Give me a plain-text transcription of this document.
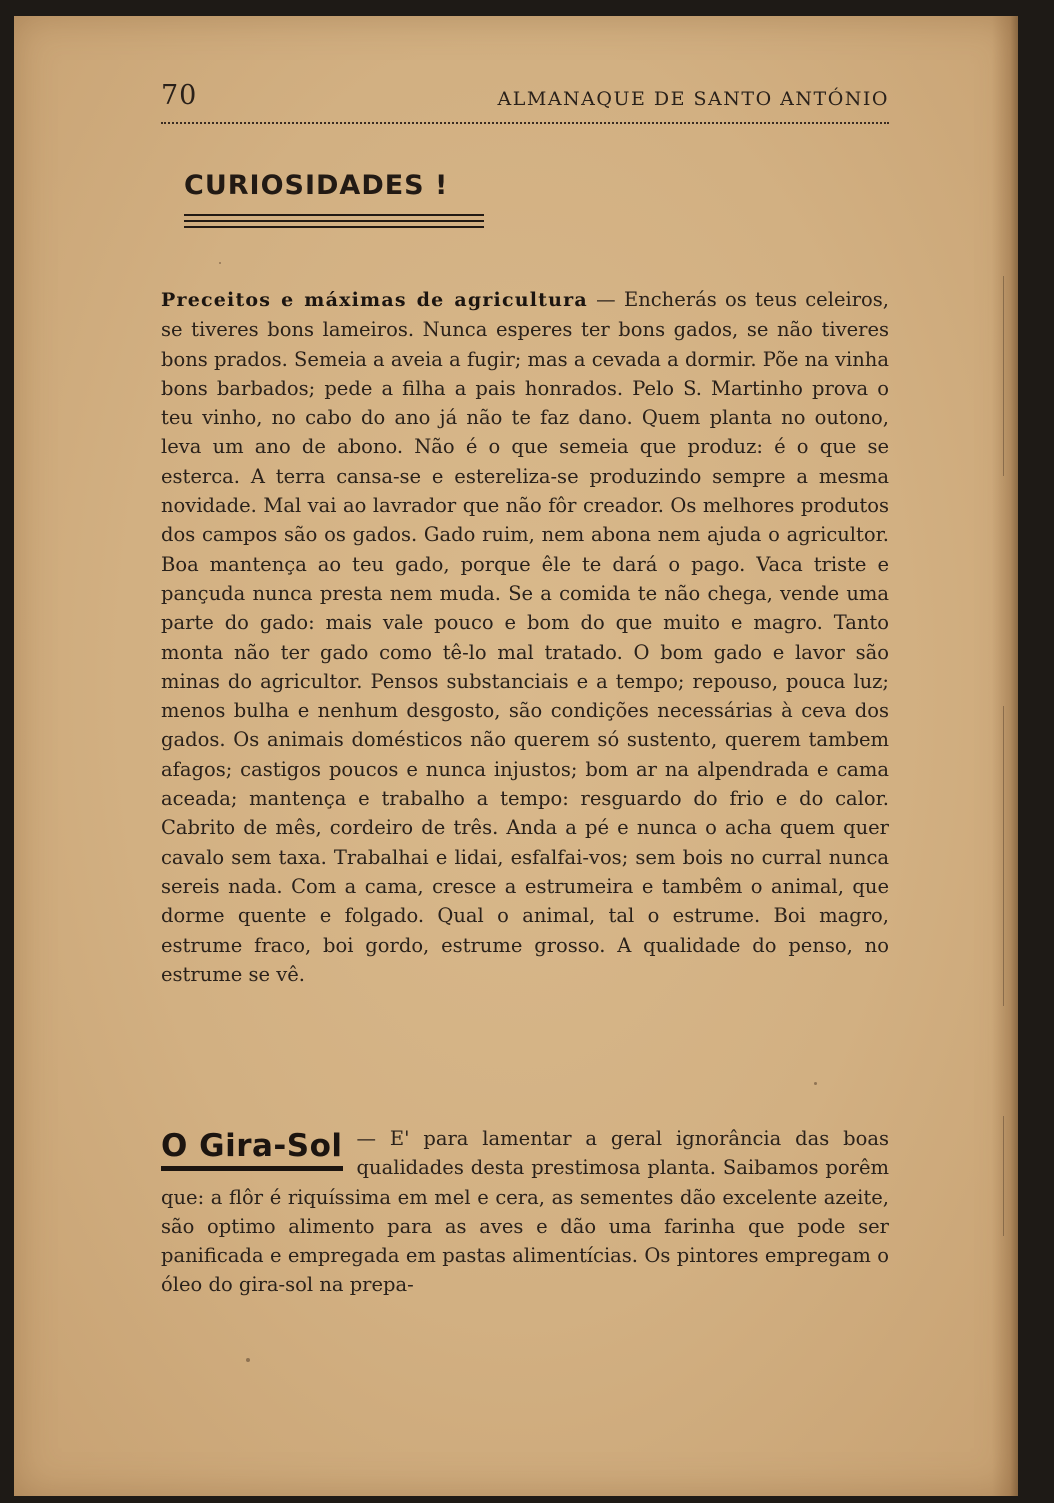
70	ALMANAQUE DE SANTO ANTÓNIO
CURIOSIDADES !
Preceitos e máximas de agricultura — Encherás os teus celeiros, se tiveres bons lameiros. Nunca esperes ter bons gados, se não tiveres bons prados. Semeia a aveia a fugir; mas a cevada a dormir. Põe na vinha bons barbados; pede a filha a pais honrados. Pelo S. Martinho prova o teu vinho, no cabo do ano já não te faz dano. Quem planta no outono, leva um ano de abono. Não é o que semeia que produz: é o que se esterca. A terra cansa-se e estereliza-se produzindo sempre a mesma novidade. Mal vai ao lavrador que não fôr creador. Os melhores produtos dos campos são os gados. Gado ruim, nem abona nem ajuda o agricultor. Boa mantença ao teu gado, porque êle te dará o pago. Vaca triste e pançuda nunca presta nem muda. Se a comida te não chega, vende uma parte do gado: mais vale pouco e bom do que muito e magro. Tanto monta não ter gado como tê-lo mal tratado. O bom gado e lavor são minas do agricultor. Pensos substanciais e a tempo; repouso, pouca luz; menos bulha e nenhum desgosto, são condições necessárias à ceva dos gados. Os animais domésticos não querem só sustento, querem tambem afagos; castigos poucos e nunca injustos; bom ar na alpendrada e cama aceada; mantença e trabalho a tempo: resguardo do frio e do calor. Cabrito de mês, cordeiro de três. Anda a pé e nunca o acha quem quer cavalo sem taxa. Trabalhai e lidai, esfalfai-vos; sem bois no curral nunca sereis nada. Com a cama, cresce a estrumeira e tambêm o animal, que dorme quente e folgado. Qual o animal, tal o estrume. Boi magro, estrume fraco, boi gordo, estrume grosso. A qualidade do penso, no estrume se vê.
O Gira-Sol — E' para lamentar a geral ignorância das boas qualidades desta prestimosa planta. Saibamos porêm que: a flôr é riquíssima em mel e cera, as sementes dão excelente azeite, são optimo alimento para as aves e dão uma farinha que pode ser panificada e empregada em pastas alimentícias. Os pintores empregam o óleo do gira-sol na prepa-
